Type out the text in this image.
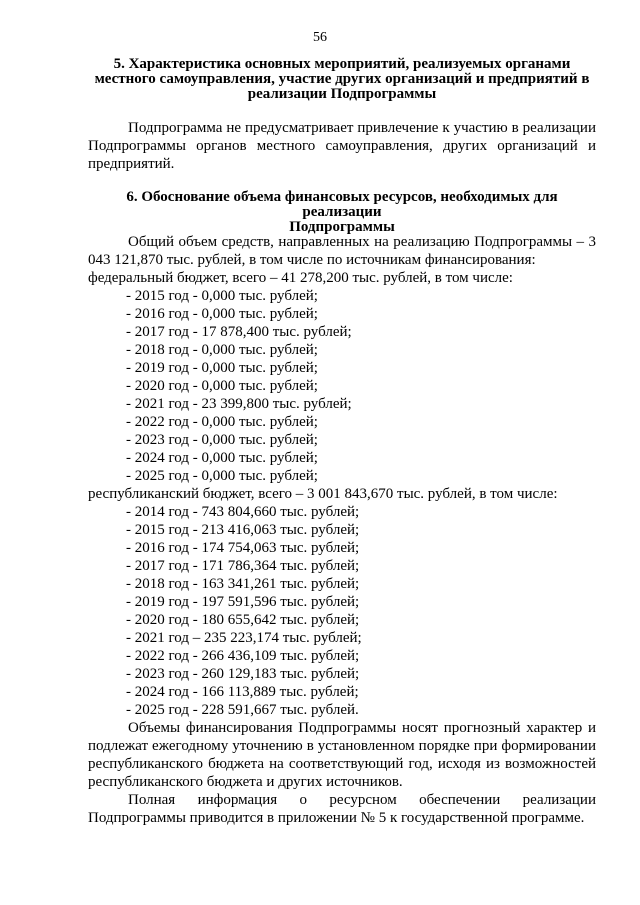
56
5. Характеристика основных мероприятий, реализуемых органами
местного самоуправления, участие других организаций и предприятий в
реализации Подпрограммы
Подпрограмма не предусматривает привлечение к участию в реализации Подпрограммы органов местного самоуправления, других организаций и предприятий.
6. Обоснование объема финансовых ресурсов, необходимых для реализации
Подпрограммы
Общий объем средств, направленных на реализацию Подпрограммы – 3 043 121,870 тыс. рублей, в том числе по источникам финансирования:
федеральный бюджет, всего – 41 278,200 тыс. рублей, в том числе:
- 2015 год - 0,000 тыс. рублей;
- 2016 год - 0,000 тыс. рублей;
- 2017 год - 17 878,400 тыс. рублей;
- 2018 год - 0,000 тыс. рублей;
- 2019 год - 0,000 тыс. рублей;
- 2020 год - 0,000 тыс. рублей;
- 2021 год - 23 399,800 тыс. рублей;
- 2022 год - 0,000 тыс. рублей;
- 2023 год - 0,000 тыс. рублей;
- 2024 год - 0,000 тыс. рублей;
- 2025 год - 0,000 тыс. рублей;
республиканский бюджет, всего – 3 001 843,670 тыс. рублей, в том числе:
- 2014 год - 743 804,660 тыс. рублей;
- 2015 год - 213 416,063 тыс. рублей;
- 2016 год - 174 754,063 тыс. рублей;
- 2017 год - 171 786,364 тыс. рублей;
- 2018 год - 163 341,261 тыс. рублей;
- 2019 год - 197 591,596 тыс. рублей;
- 2020 год - 180 655,642 тыс. рублей;
- 2021 год – 235 223,174 тыс. рублей;
- 2022 год - 266 436,109 тыс. рублей;
- 2023 год - 260 129,183 тыс. рублей;
- 2024 год - 166 113,889 тыс. рублей;
- 2025 год - 228 591,667 тыс. рублей.
Объемы финансирования Подпрограммы носят прогнозный характер и подлежат ежегодному уточнению в установленном порядке при формировании республиканского бюджета на соответствующий год, исходя из возможностей республиканского бюджета и других источников.
Полная информация о ресурсном обеспечении реализации Подпрограммы приводится в приложении № 5 к государственной программе.
